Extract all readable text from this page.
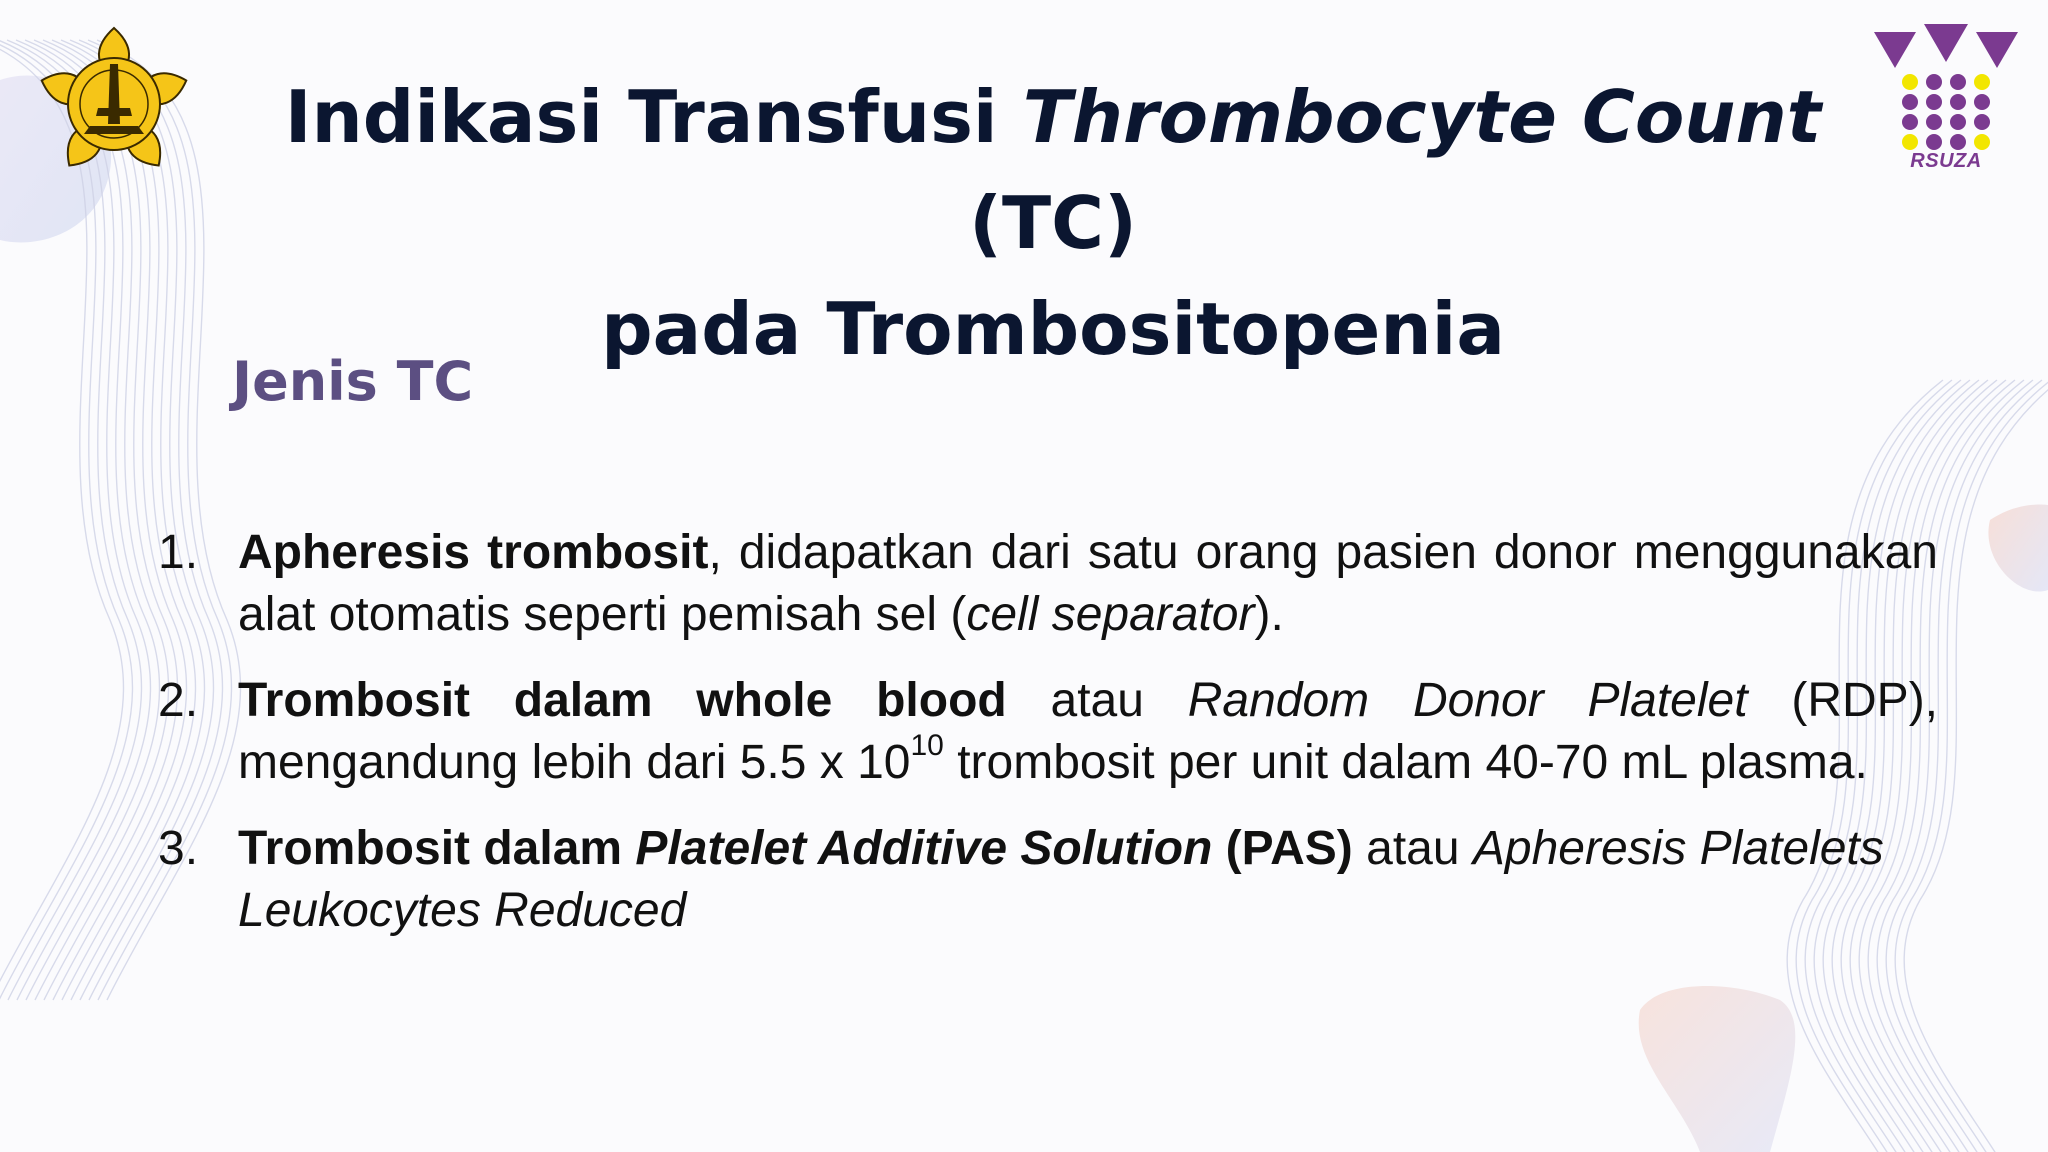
RSUZA
Indikasi Transfusi Thrombocyte Count (TC)
pada Trombositopenia
Jenis TC
1. Apheresis trombosit, didapatkan dari satu orang pasien donor menggunakan alat otomatis seperti pemisah sel (cell separator).
2. Trombosit dalam whole blood atau Random Donor Platelet (RDP), mengandung lebih dari 5.5 x $10^{10}$ trombosit per unit dalam 40-70 mL plasma.
3. Trombosit dalam Platelet Additive Solution (PAS) atau Apheresis Platelets Leukocytes Reduced
